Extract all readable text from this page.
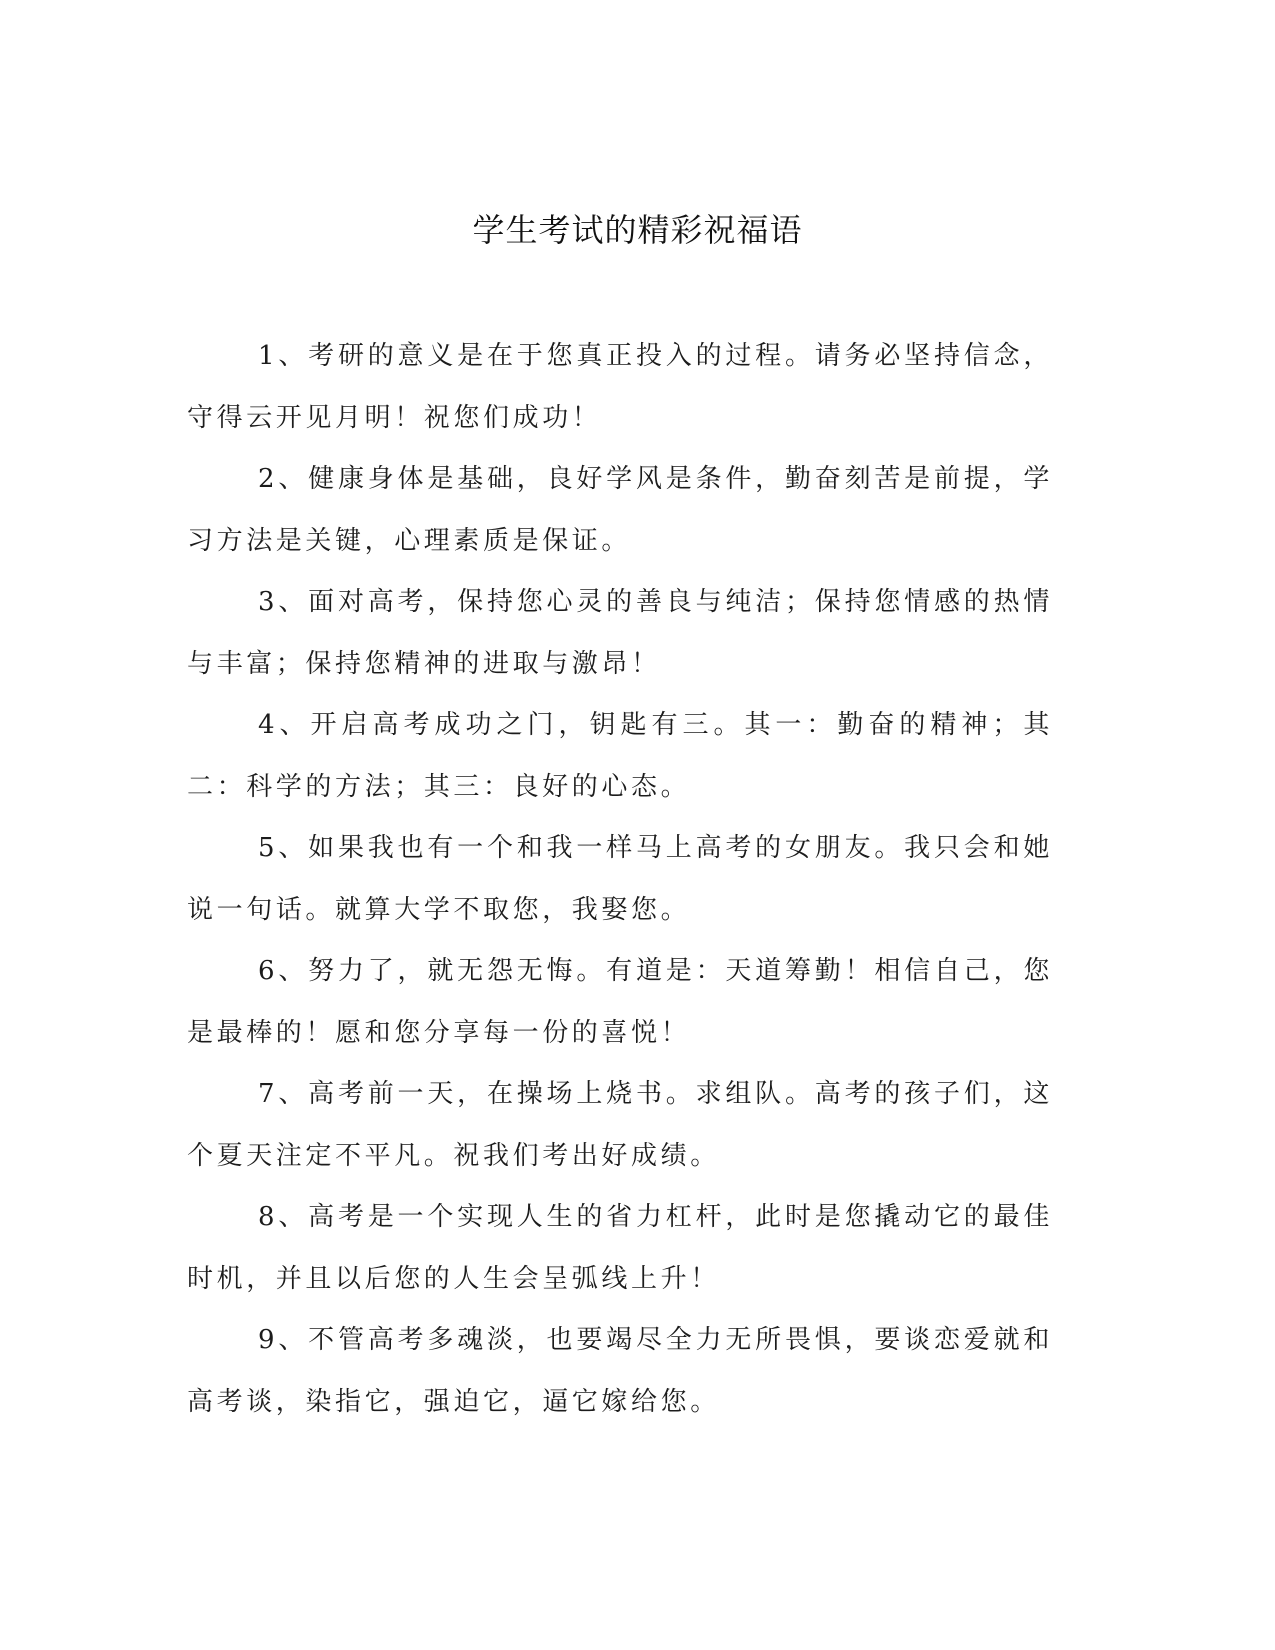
学生考试的精彩祝福语

1、考研的意义是在于您真正投入的过程。请务必坚持信念，守得云开见月明！祝您们成功！

2、健康身体是基础，良好学风是条件，勤奋刻苦是前提，学习方法是关键，心理素质是保证。

3、面对高考，保持您心灵的善良与纯洁；保持您情感的热情与丰富；保持您精神的进取与激昂！

4、开启高考成功之门，钥匙有三。其一：勤奋的精神；其二：科学的方法；其三：良好的心态。

5、如果我也有一个和我一样马上高考的女朋友。我只会和她说一句话。就算大学不取您，我娶您。

6、努力了，就无怨无悔。有道是：天道筹勤！相信自己，您是最棒的！愿和您分享每一份的喜悦！

7、高考前一天，在操场上烧书。求组队。高考的孩子们，这个夏天注定不平凡。祝我们考出好成绩。

8、高考是一个实现人生的省力杠杆，此时是您撬动它的最佳时机，并且以后您的人生会呈弧线上升！

9、不管高考多魂淡，也要竭尽全力无所畏惧，要谈恋爱就和高考谈，染指它，强迫它，逼它嫁给您。
